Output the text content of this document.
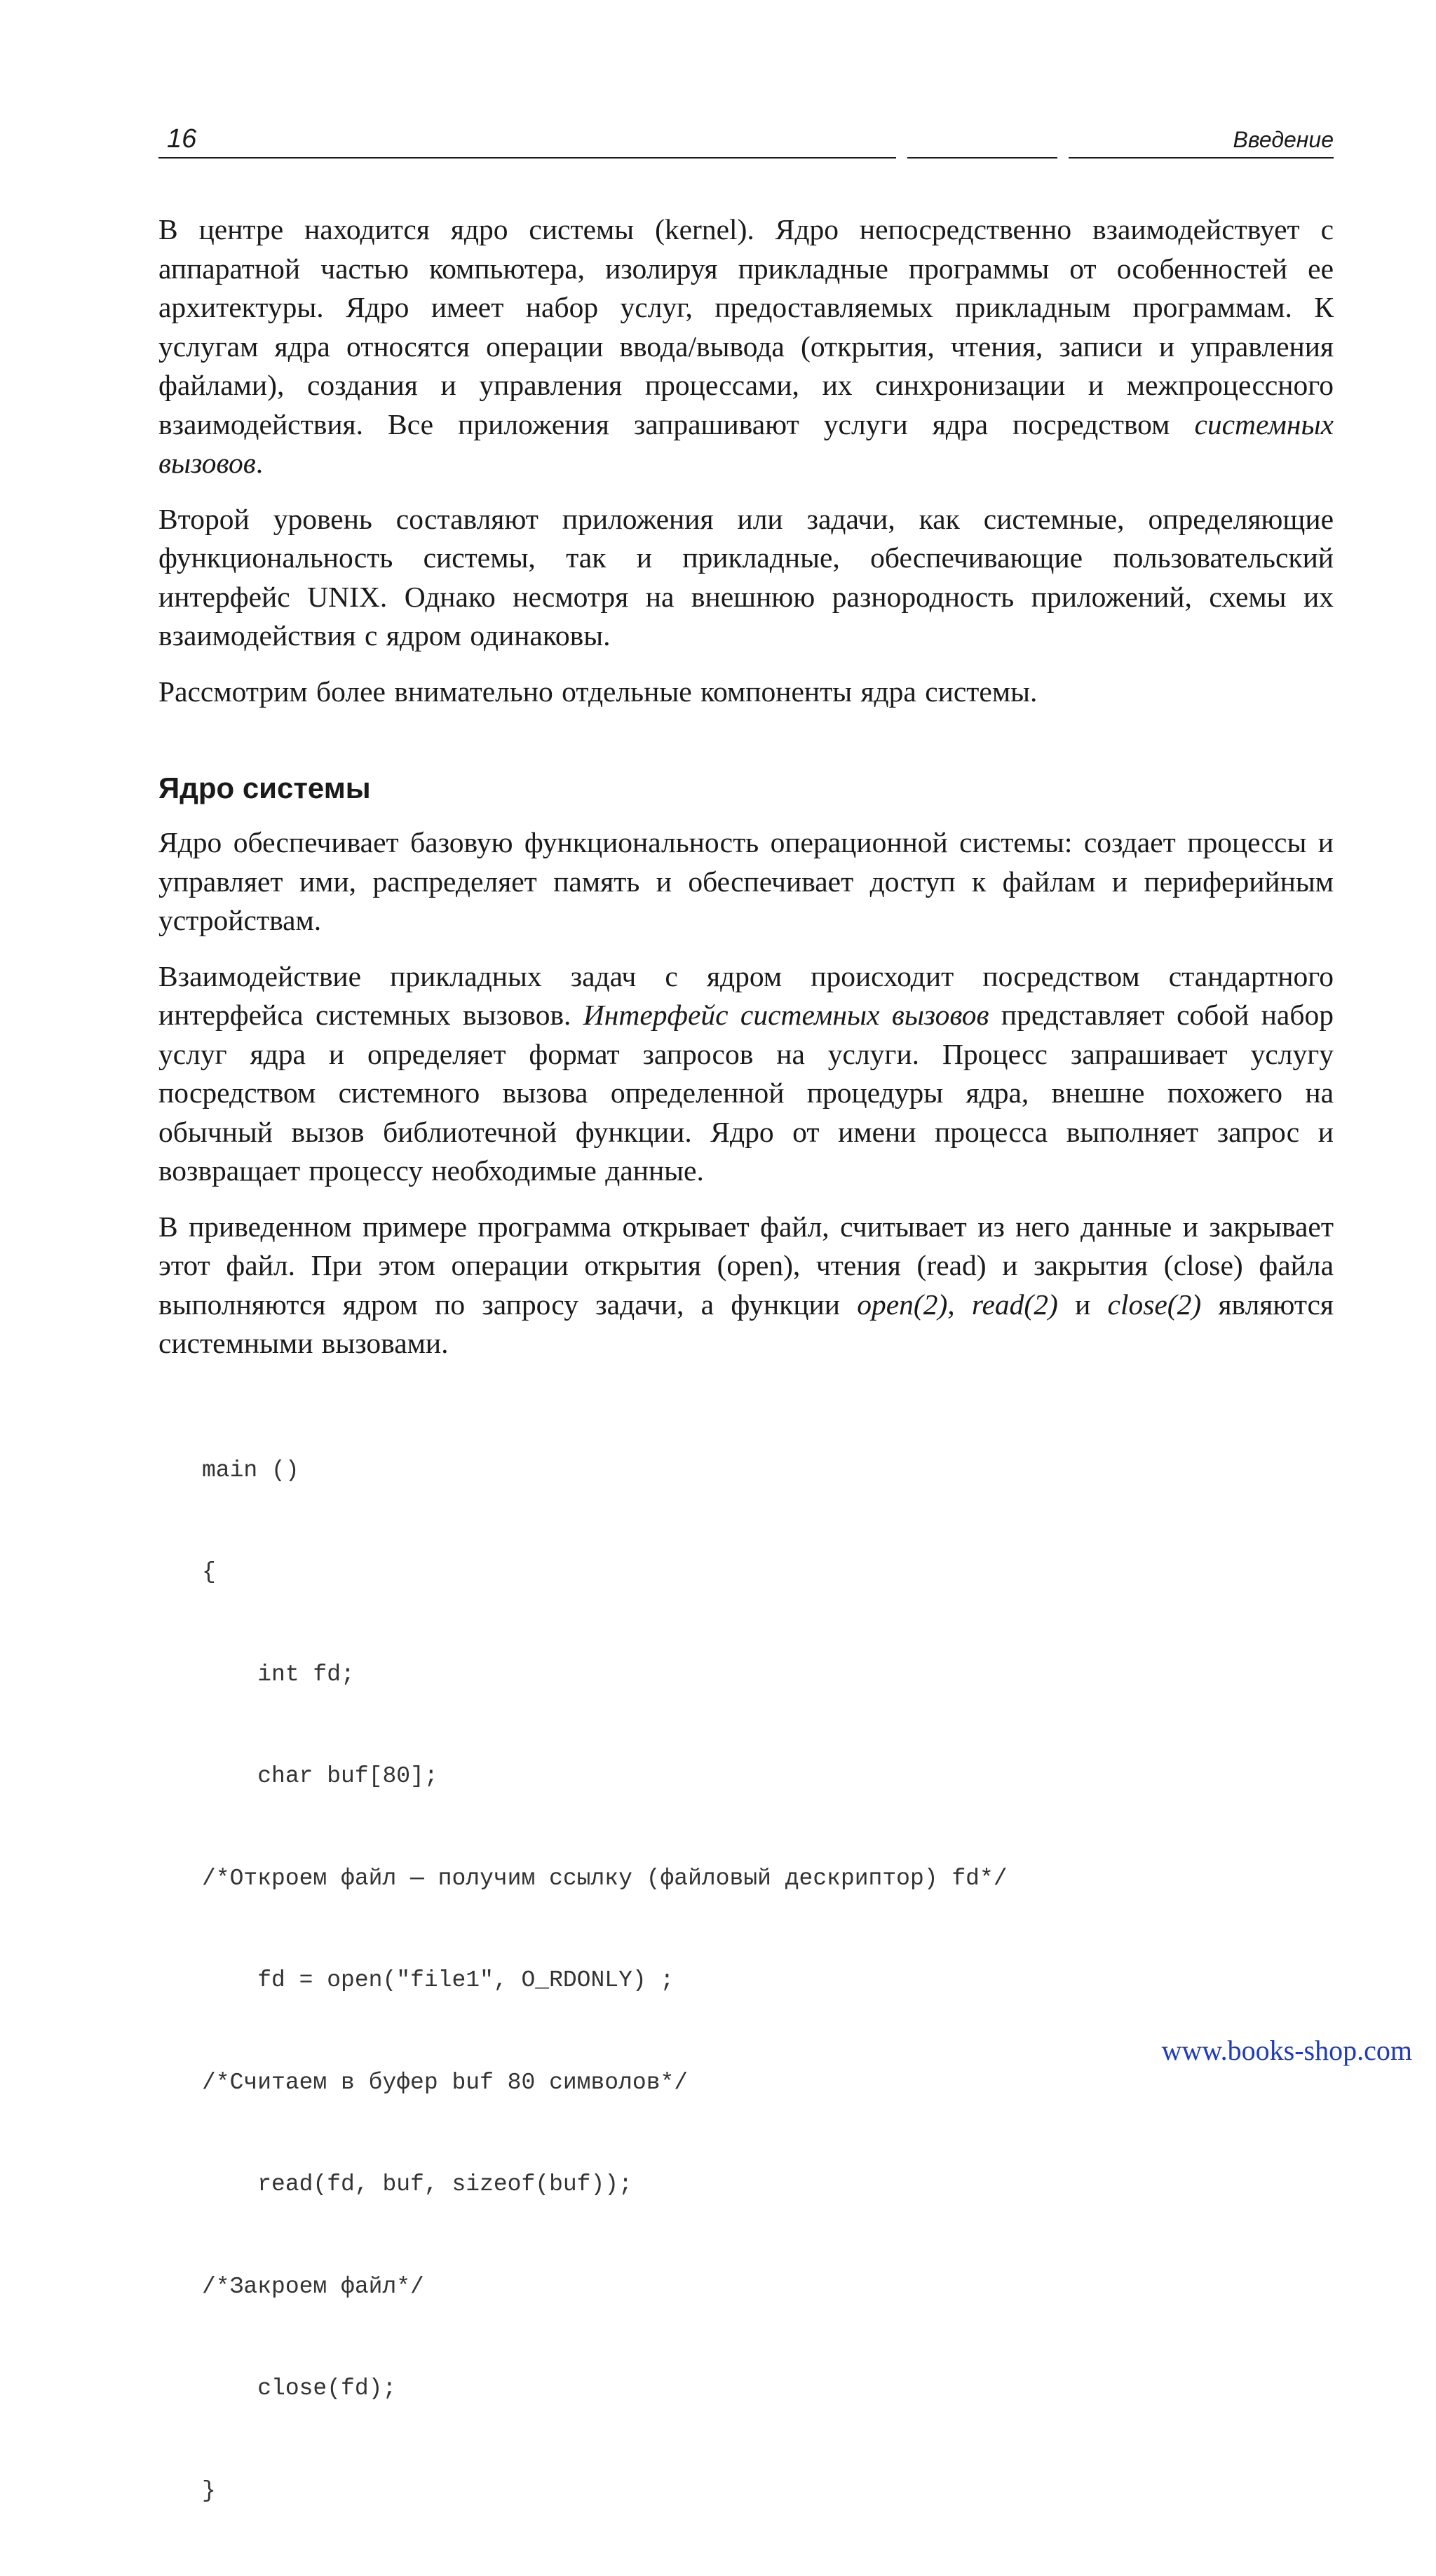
16	Введение

В центре находится ядро системы (kernel). Ядро непосредственно взаимодействует с аппаратной частью компьютера, изолируя прикладные программы от особенностей ее архитектуры. Ядро имеет набор услуг, предоставляемых прикладным программам. К услугам ядра относятся операции ввода/вывода (открытия, чтения, записи и управления файлами), создания и управления процессами, их синхронизации и межпроцессного взаимодействия. Все приложения запрашивают услуги ядра посредством системных вызовов.

Второй уровень составляют приложения или задачи, как системные, определяющие функциональность системы, так и прикладные, обеспечивающие пользовательский интерфейс UNIX. Однако несмотря на внешнюю разнородность приложений, схемы их взаимодействия с ядром одинаковы.

Рассмотрим более внимательно отдельные компоненты ядра системы.

Ядро системы

Ядро обеспечивает базовую функциональность операционной системы: создает процессы и управляет ими, распределяет память и обеспечивает доступ к файлам и периферийным устройствам.

Взаимодействие прикладных задач с ядром происходит посредством стандартного интерфейса системных вызовов. Интерфейс системных вызовов представляет собой набор услуг ядра и определяет формат запросов на услуги. Процесс запрашивает услугу посредством системного вызова определенной процедуры ядра, внешне похожего на обычный вызов библиотечной функции. Ядро от имени процесса выполняет запрос и возвращает процессу необходимые данные.

В приведенном примере программа открывает файл, считывает из него данные и закрывает этот файл. При этом операции открытия (open), чтения (read) и закрытия (close) файла выполняются ядром по запросу задачи, а функции open(2), read(2) и close(2) являются системными вызовами.

main ()

{

int fd;

char buf[80];

/*Откроем файл — получим ссылку (файловый дескриптор) fd*/

fd = open("file1", O_RDONLY) ;

/*Считаем в буфер buf 80 символов*/

read(fd, buf, sizeof(buf));

/*Закроем файл*/

close(fd);

}

www.books-shop.com
